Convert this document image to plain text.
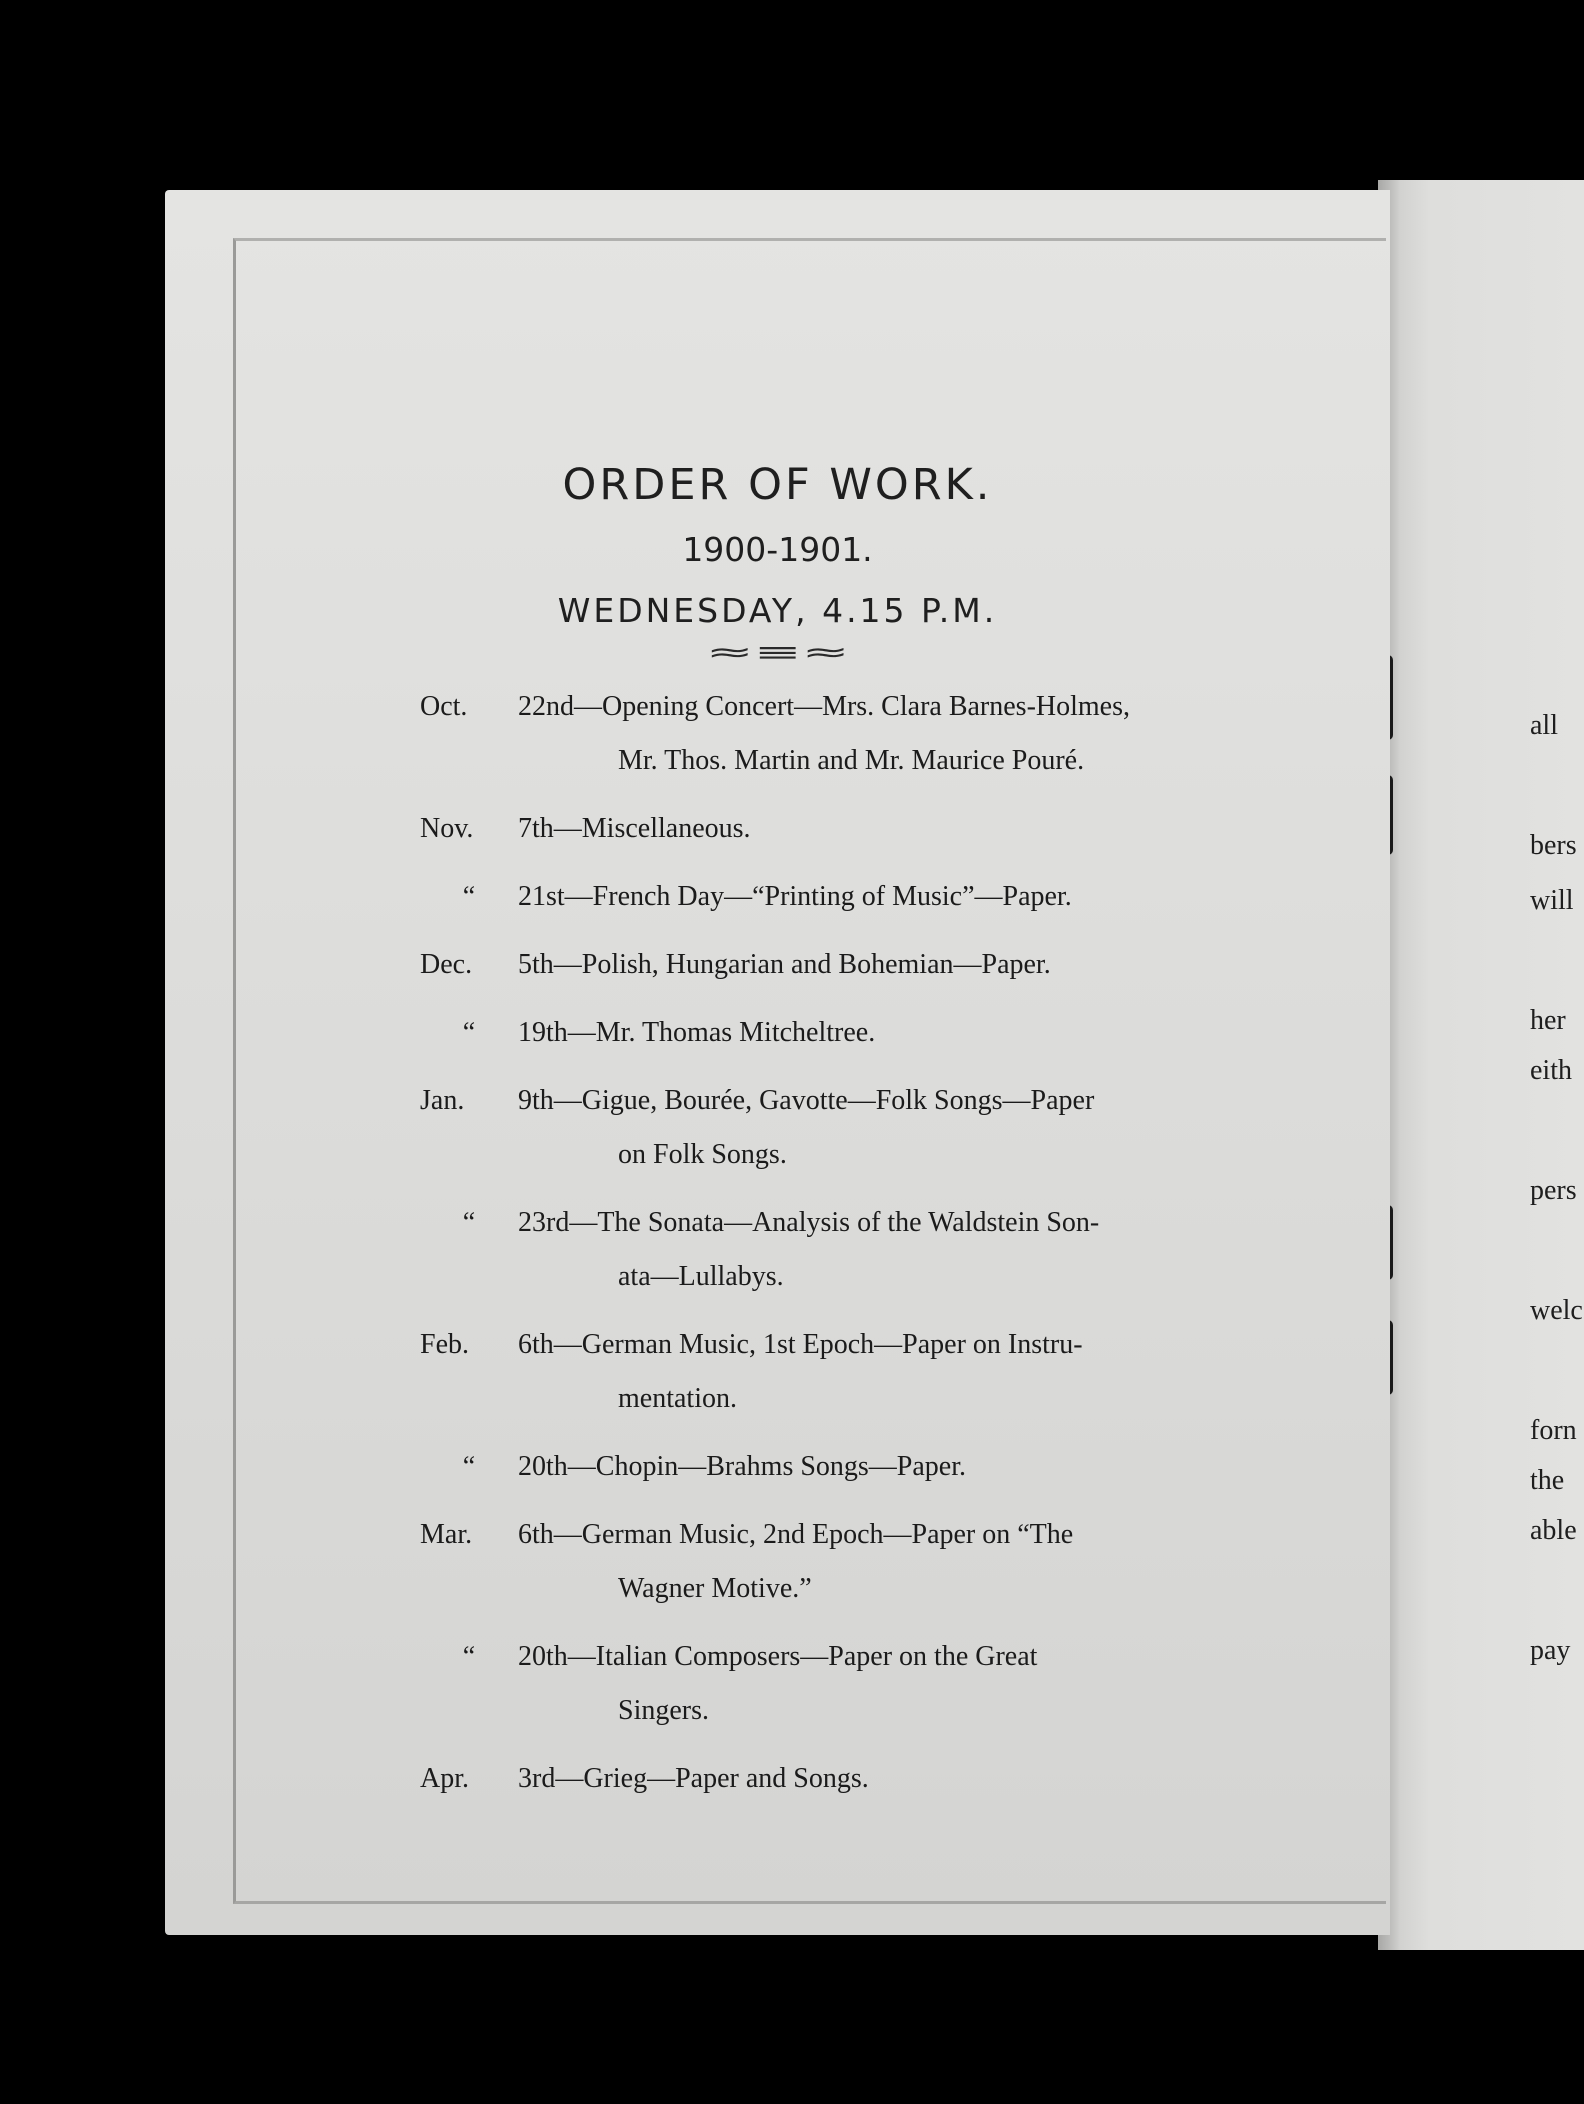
ORDER OF WORK.
1900-1901.
WEDNESDAY, 4.15 P.M.
≈≡≈
Oct.	22nd—Opening Concert—Mrs. Clara Barnes-Holmes,
Mr. Thos. Martin and Mr. Maurice Pouré.
Nov.	7th—Miscellaneous.
“	21st—French Day—“Printing of Music”—Paper.
Dec.	5th—Polish, Hungarian and Bohemian—Paper.
“	19th—Mr. Thomas Mitcheltree.
Jan.	9th—Gigue, Bourée, Gavotte—Folk Songs—Paper
on Folk Songs.
“	23rd—The Sonata—Analysis of the Waldstein Son-
ata—Lullabys.
Feb.	6th—German Music, 1st Epoch—Paper on Instru-
mentation.
“	20th—Chopin—Brahms Songs—Paper.
Mar.	6th—German Music, 2nd Epoch—Paper on “The
Wagner Motive.”
“	20th—Italian Composers—Paper on the Great
Singers.
Apr.	3rd—Grieg—Paper and Songs.
all
bers
will
her
eith
pers
welc
forn
the
able
pay
